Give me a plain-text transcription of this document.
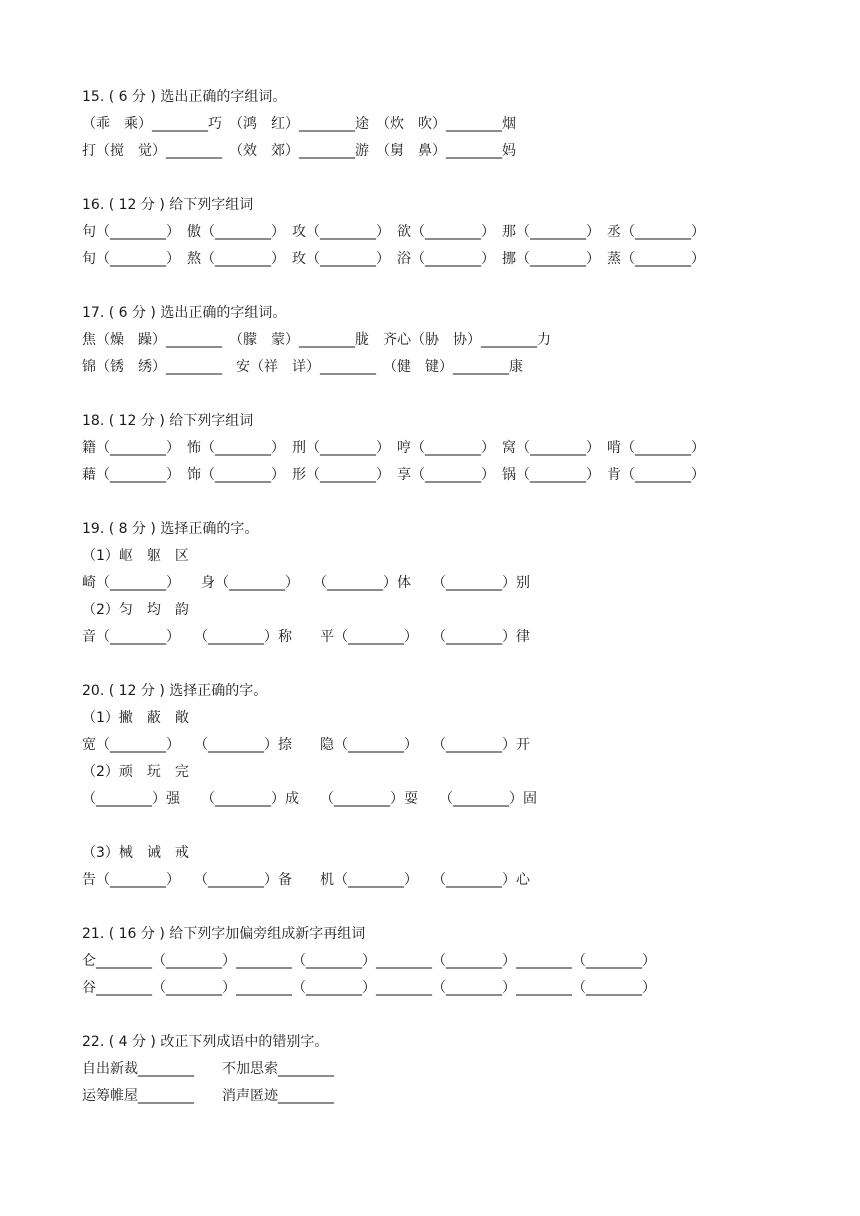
15. ( 6 分 ) 选出正确的字组词。
（乖　乘）________巧　（鸿　红）________途　（炊　吹）________烟
打（搅　觉）________　（效　郊）________游　（舅　鼻）________妈
16. ( 12 分 ) 给下列字组词
句（________）　傲（________）　攻（________）　欲（________）　那（________）　丞（________）
旬（________）　熬（________）　玫（________）　浴（________）　挪（________）　蒸（________）
17. ( 6 分 ) 选出正确的字组词。
焦（燥　躁）________　（朦　蒙）________胧　齐心（胁　协）________力
锦（锈　绣）________　安（祥　详）________　（健　键）________康
18. ( 12 分 ) 给下列字组词
籍（________）　怖（________）　刑（________）　哼（________）　窝（________）　啃（________）
藉（________）　饰（________）　形（________）　享（________）　锅（________）　肯（________）
19. ( 8 分 ) 选择正确的字。
（1）岖　躯　区
崎（________）　　身（________）　　（________）体　　（________）别
（2）匀　均　韵
音（________）　　（________）称　　平（________）　　（________）律
20. ( 12 分 ) 选择正确的字。
（1）撇　蔽　敞
宽（________）　　（________）捺　　隐（________）　　（________）开
（2）顽　玩　完
（________）强　　（________）成　　（________）耍　　（________）固
（3）械　诫　戒
告（________）　　（________）备　　机（________）　　（________）心
21. ( 16 分 ) 给下列字加偏旁组成新字再组词
仑________（________）________（________）________（________）________（________）
谷________（________）________（________）________（________）________（________）
22. ( 4 分 ) 改正下列成语中的错别字。
自出新裁________　　不加思索________
运筹帷屋________　　消声匿迹________
